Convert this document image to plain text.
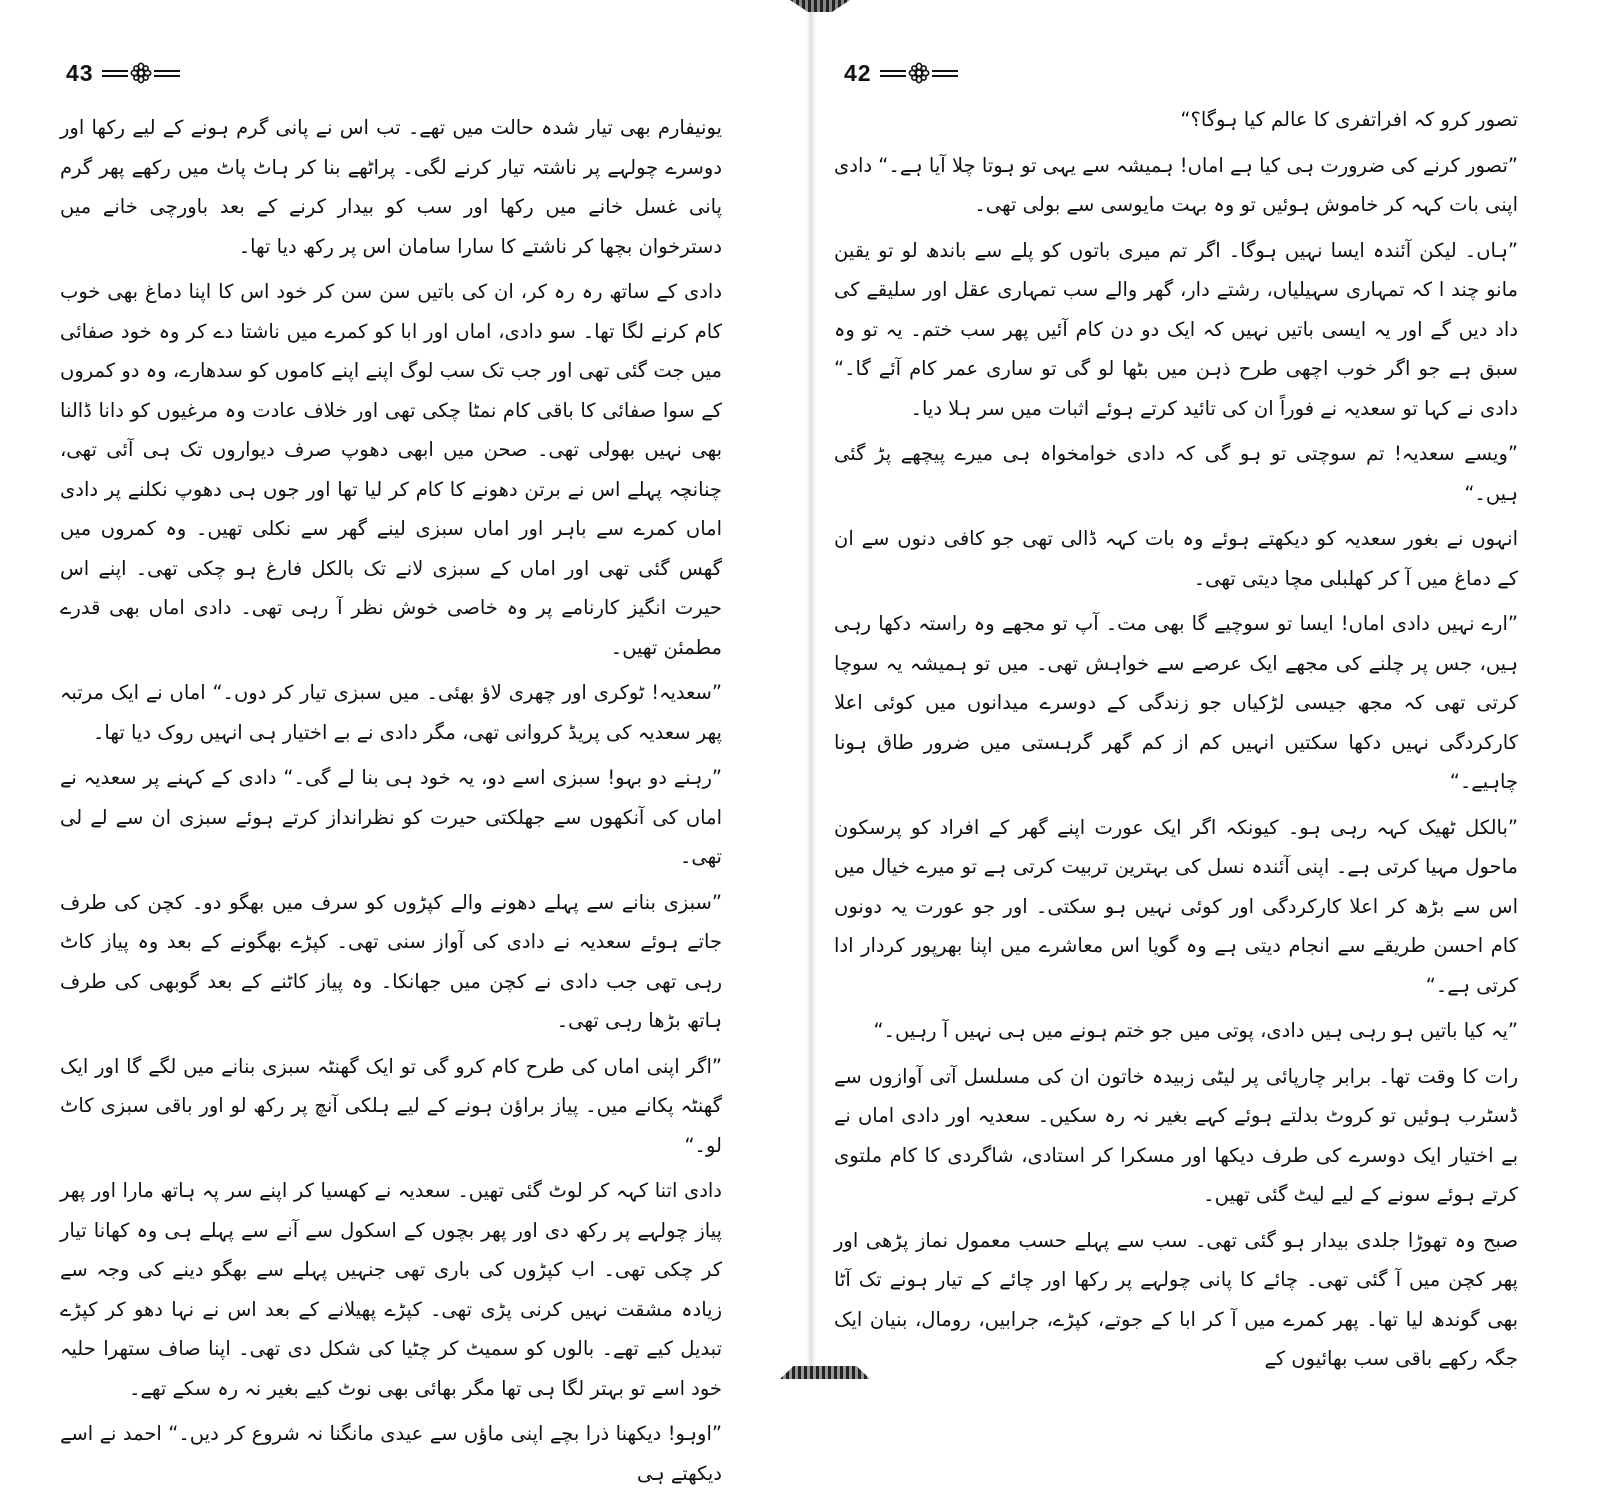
43

یونیفارم بھی تیار شدہ حالت میں تھے۔ تب اس نے پانی گرم ہونے کے لیے رکھا اور دوسرے چولہے پر ناشتہ تیار کرنے لگی۔ پراٹھے بنا کر ہاٹ پاٹ میں رکھے پھر گرم پانی غسل خانے میں رکھا اور سب کو بیدار کرنے کے بعد باورچی خانے میں دسترخوان بچھا کر ناشتے کا سارا سامان اس پر رکھ دیا تھا۔

دادی کے ساتھ رہ رہ کر، ان کی باتیں سن سن کر خود اس کا اپنا دماغ بھی خوب کام کرنے لگا تھا۔ سو دادی، اماں اور ابا کو کمرے میں ناشتا دے کر وہ خود صفائی میں جت گئی تھی اور جب تک سب لوگ اپنے اپنے کاموں کو سدھارے، وہ دو کمروں کے سوا صفائی کا باقی کام نمٹا چکی تھی اور خلاف عادت وہ مرغیوں کو دانا ڈالنا بھی نہیں بھولی تھی۔ صحن میں ابھی دھوپ صرف دیواروں تک ہی آئی تھی، چنانچہ پہلے اس نے برتن دھونے کا کام کر لیا تھا اور جوں ہی دھوپ نکلنے پر دادی اماں کمرے سے باہر اور اماں سبزی لینے گھر سے نکلی تھیں۔ وہ کمروں میں گھس گئی تھی اور اماں کے سبزی لانے تک بالکل فارغ ہو چکی تھی۔ اپنے اس حیرت انگیز کارنامے پر وہ خاصی خوش نظر آ رہی تھی۔ دادی اماں بھی قدرے مطمئن تھیں۔

”سعدیہ! ٹوکری اور چھری لاؤ بھئی۔ میں سبزی تیار کر دوں۔“ اماں نے ایک مرتبہ پھر سعدیہ کی پریڈ کروانی تھی، مگر دادی نے بے اختیار ہی انہیں روک دیا تھا۔

”رہنے دو بہو! سبزی اسے دو، یہ خود ہی بنا لے گی۔“ دادی کے کہنے پر سعدیہ نے اماں کی آنکھوں سے جھلکتی حیرت کو نظرانداز کرتے ہوئے سبزی ان سے لے لی تھی۔

”سبزی بنانے سے پہلے دھونے والے کپڑوں کو سرف میں بھگو دو۔ کچن کی طرف جاتے ہوئے سعدیہ نے دادی کی آواز سنی تھی۔ کپڑے بھگونے کے بعد وہ پیاز کاٹ رہی تھی جب دادی نے کچن میں جھانکا۔ وہ پیاز کاٹنے کے بعد گوبھی کی طرف ہاتھ بڑھا رہی تھی۔

”اگر اپنی اماں کی طرح کام کرو گی تو ایک گھنٹہ سبزی بنانے میں لگے گا اور ایک گھنٹہ پکانے میں۔ پیاز براؤن ہونے کے لیے ہلکی آنچ پر رکھ لو اور باقی سبزی کاٹ لو۔“

دادی اتنا کہہ کر لوٹ گئی تھیں۔ سعدیہ نے کھسیا کر اپنے سر پہ ہاتھ مارا اور پھر پیاز چولہے پر رکھ دی اور پھر بچوں کے اسکول سے آنے سے پہلے ہی وہ کھانا تیار کر چکی تھی۔ اب کپڑوں کی باری تھی جنہیں پہلے سے بھگو دینے کی وجہ سے زیادہ مشقت نہیں کرنی پڑی تھی۔ کپڑے پھیلانے کے بعد اس نے نہا دھو کر کپڑے تبدیل کیے تھے۔ بالوں کو سمیٹ کر چٹیا کی شکل دی تھی۔ اپنا صاف ستھرا حلیہ خود اسے تو بہتر لگا ہی تھا مگر بھائی بھی نوٹ کیے بغیر نہ رہ سکے تھے۔

”اوہو! دیکھنا ذرا بچے اپنی ماؤں سے عیدی مانگنا نہ شروع کر دیں۔“ احمد نے اسے دیکھتے ہی

42

تصور کرو کہ افراتفری کا عالم کیا ہوگا؟“

”تصور کرنے کی ضرورت ہی کیا ہے اماں! ہمیشہ سے یہی تو ہوتا چلا آیا ہے۔“ دادی اپنی بات کہہ کر خاموش ہوئیں تو وہ بہت مایوسی سے بولی تھی۔

”ہاں۔ لیکن آئندہ ایسا نہیں ہوگا۔ اگر تم میری باتوں کو پلے سے باندھ لو تو یقین مانو چند ا کہ تمہاری سہیلیاں، رشتے دار، گھر والے سب تمہاری عقل اور سلیقے کی داد دیں گے اور یہ ایسی باتیں نہیں کہ ایک دو دن کام آئیں پھر سب ختم۔ یہ تو وہ سبق ہے جو اگر خوب اچھی طرح ذہن میں بٹھا لو گی تو ساری عمر کام آئے گا۔“ دادی نے کہا تو سعدیہ نے فوراً ان کی تائید کرتے ہوئے اثبات میں سر ہلا دیا۔

”ویسے سعدیہ! تم سوچتی تو ہو گی کہ دادی خوامخواہ ہی میرے پیچھے پڑ گئی ہیں۔“

انہوں نے بغور سعدیہ کو دیکھتے ہوئے وہ بات کہہ ڈالی تھی جو کافی دنوں سے ان کے دماغ میں آ کر کھلبلی مچا دیتی تھی۔

”ارے نہیں دادی اماں! ایسا تو سوچیے گا بھی مت۔ آپ تو مجھے وہ راستہ دکھا رہی ہیں، جس پر چلنے کی مجھے ایک عرصے سے خواہش تھی۔ میں تو ہمیشہ یہ سوچا کرتی تھی کہ مجھ جیسی لڑکیاں جو زندگی کے دوسرے میدانوں میں کوئی اعلا کارکردگی نہیں دکھا سکتیں انہیں کم از کم گھر گرہستی میں ضرور طاق ہونا چاہیے۔“

”بالکل ٹھیک کہہ رہی ہو۔ کیونکہ اگر ایک عورت اپنے گھر کے افراد کو پرسکون ماحول مہیا کرتی ہے۔ اپنی آئندہ نسل کی بہترین تربیت کرتی ہے تو میرے خیال میں اس سے بڑھ کر اعلا کارکردگی اور کوئی نہیں ہو سکتی۔ اور جو عورت یہ دونوں کام احسن طریقے سے انجام دیتی ہے وہ گویا اس معاشرے میں اپنا بھرپور کردار ادا کرتی ہے۔“

”یہ کیا باتیں ہو رہی ہیں دادی، پوتی میں جو ختم ہونے میں ہی نہیں آ رہیں۔“

رات کا وقت تھا۔ برابر چارپائی پر لیٹی زبیدہ خاتون ان کی مسلسل آتی آوازوں سے ڈسٹرب ہوئیں تو کروٹ بدلتے ہوئے کہے بغیر نہ رہ سکیں۔ سعدیہ اور دادی اماں نے بے اختیار ایک دوسرے کی طرف دیکھا اور مسکرا کر استادی، شاگردی کا کام ملتوی کرتے ہوئے سونے کے لیے لیٹ گئی تھیں۔

صبح وہ تھوڑا جلدی بیدار ہو گئی تھی۔ سب سے پہلے حسب معمول نماز پڑھی اور پھر کچن میں آ گئی تھی۔ چائے کا پانی چولہے پر رکھا اور چائے کے تیار ہونے تک آٹا بھی گوندھ لیا تھا۔ پھر کمرے میں آ کر ابا کے جوتے، کپڑے، جرابیں، رومال، بنیان ایک جگہ رکھے باقی سب بھائیوں کے
